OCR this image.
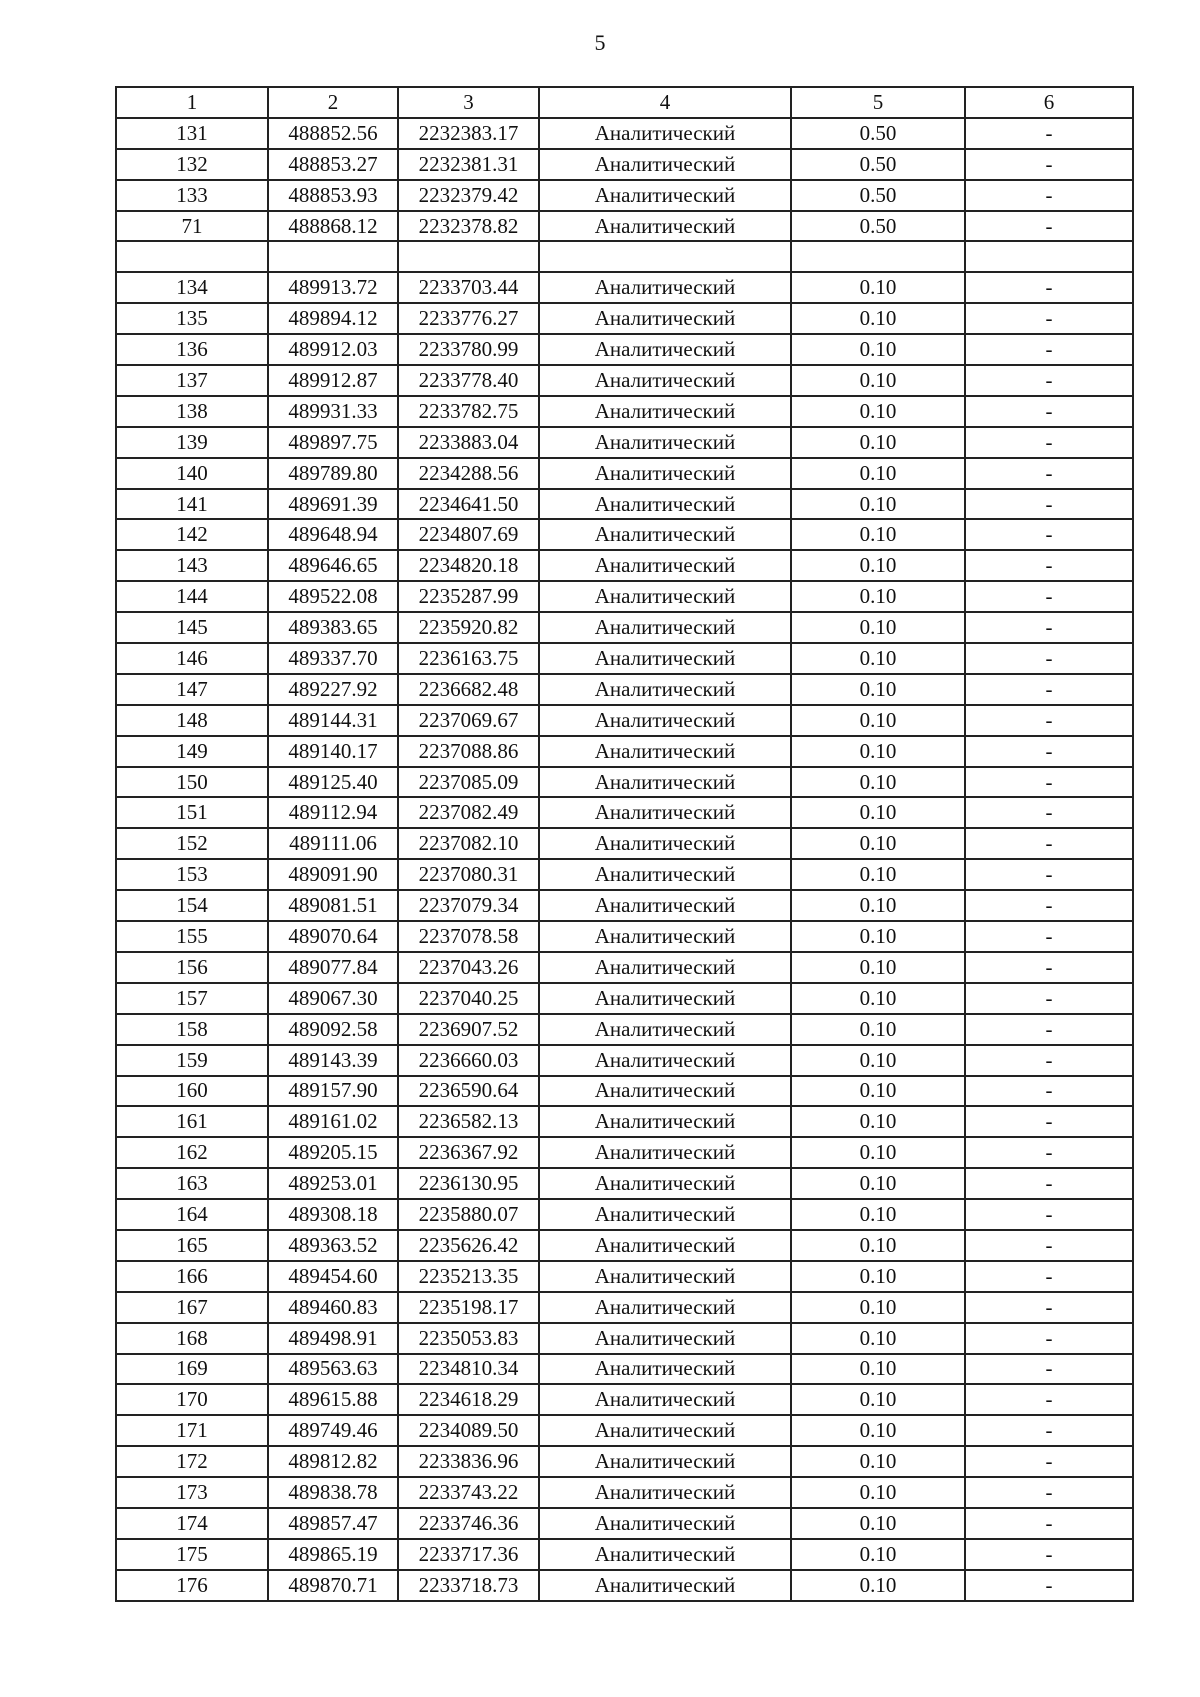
5
1	2	3	4	5	6
131	488852.56	2232383.17	Аналитический	0.50	-
132	488853.27	2232381.31	Аналитический	0.50	-
133	488853.93	2232379.42	Аналитический	0.50	-
71	488868.12	2232378.82	Аналитический	0.50	-

134	489913.72	2233703.44	Аналитический	0.10	-
135	489894.12	2233776.27	Аналитический	0.10	-
136	489912.03	2233780.99	Аналитический	0.10	-
137	489912.87	2233778.40	Аналитический	0.10	-
138	489931.33	2233782.75	Аналитический	0.10	-
139	489897.75	2233883.04	Аналитический	0.10	-
140	489789.80	2234288.56	Аналитический	0.10	-
141	489691.39	2234641.50	Аналитический	0.10	-
142	489648.94	2234807.69	Аналитический	0.10	-
143	489646.65	2234820.18	Аналитический	0.10	-
144	489522.08	2235287.99	Аналитический	0.10	-
145	489383.65	2235920.82	Аналитический	0.10	-
146	489337.70	2236163.75	Аналитический	0.10	-
147	489227.92	2236682.48	Аналитический	0.10	-
148	489144.31	2237069.67	Аналитический	0.10	-
149	489140.17	2237088.86	Аналитический	0.10	-
150	489125.40	2237085.09	Аналитический	0.10	-
151	489112.94	2237082.49	Аналитический	0.10	-
152	489111.06	2237082.10	Аналитический	0.10	-
153	489091.90	2237080.31	Аналитический	0.10	-
154	489081.51	2237079.34	Аналитический	0.10	-
155	489070.64	2237078.58	Аналитический	0.10	-
156	489077.84	2237043.26	Аналитический	0.10	-
157	489067.30	2237040.25	Аналитический	0.10	-
158	489092.58	2236907.52	Аналитический	0.10	-
159	489143.39	2236660.03	Аналитический	0.10	-
160	489157.90	2236590.64	Аналитический	0.10	-
161	489161.02	2236582.13	Аналитический	0.10	-
162	489205.15	2236367.92	Аналитический	0.10	-
163	489253.01	2236130.95	Аналитический	0.10	-
164	489308.18	2235880.07	Аналитический	0.10	-
165	489363.52	2235626.42	Аналитический	0.10	-
166	489454.60	2235213.35	Аналитический	0.10	-
167	489460.83	2235198.17	Аналитический	0.10	-
168	489498.91	2235053.83	Аналитический	0.10	-
169	489563.63	2234810.34	Аналитический	0.10	-
170	489615.88	2234618.29	Аналитический	0.10	-
171	489749.46	2234089.50	Аналитический	0.10	-
172	489812.82	2233836.96	Аналитический	0.10	-
173	489838.78	2233743.22	Аналитический	0.10	-
174	489857.47	2233746.36	Аналитический	0.10	-
175	489865.19	2233717.36	Аналитический	0.10	-
176	489870.71	2233718.73	Аналитический	0.10	-
